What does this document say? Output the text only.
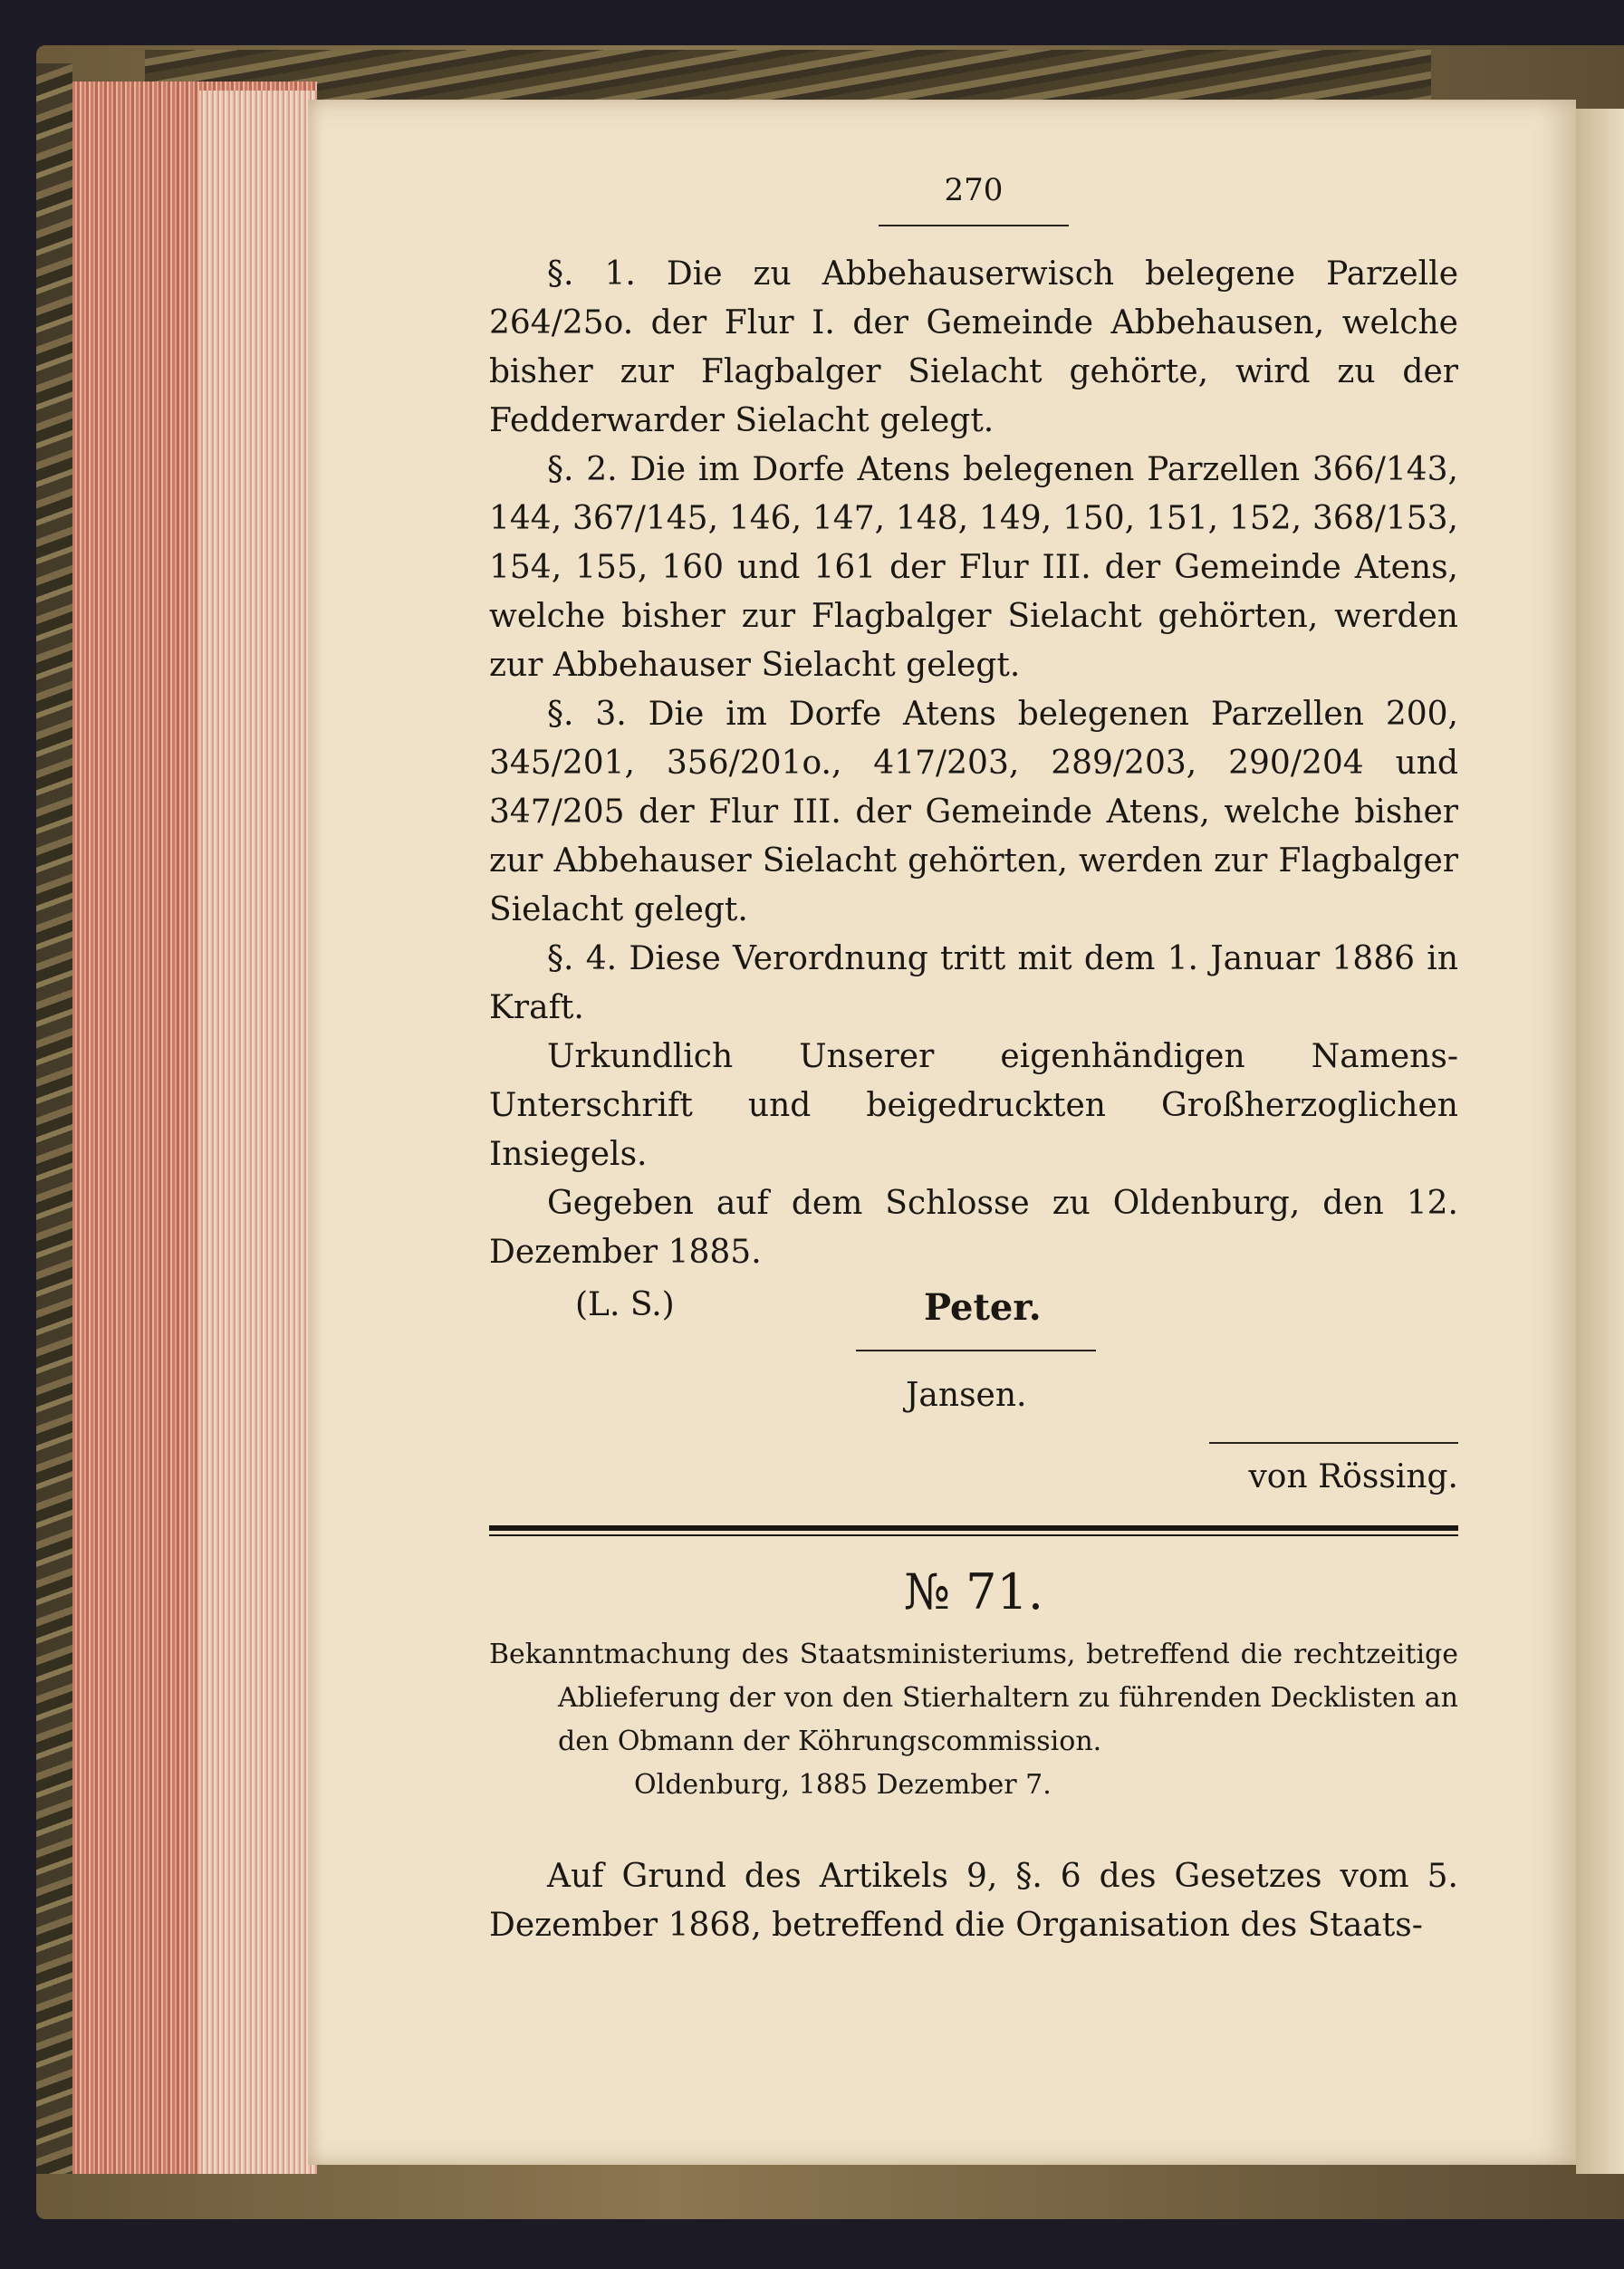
270

§. 1. Die zu Abbehauserwisch belegene Parzelle 264/25o. der Flur I. der Gemeinde Abbehausen, welche bisher zur Flagbalger Sielacht gehörte, wird zu der Fedderwarder Sielacht gelegt.

§. 2. Die im Dorfe Atens belegenen Parzellen 366/143, 144, 367/145, 146, 147, 148, 149, 150, 151, 152, 368/153, 154, 155, 160 und 161 der Flur III. der Gemeinde Atens, welche bisher zur Flagbalger Sielacht gehörten, werden zur Abbehauser Sielacht gelegt.

§. 3. Die im Dorfe Atens belegenen Parzellen 200, 345/201, 356/201o., 417/203, 289/203, 290/204 und 347/205 der Flur III. der Gemeinde Atens, welche bisher zur Abbehauser Sielacht gehörten, werden zur Flagbalger Sielacht gelegt.

§. 4. Diese Verordnung tritt mit dem 1. Januar 1886 in Kraft.

Urkundlich Unserer eigenhändigen Namens-Unterschrift und beigedruckten Großherzoglichen Insiegels.

Gegeben auf dem Schlosse zu Oldenburg, den 12. Dezember 1885.

(L. S.)	Peter.
Jansen.
von Rössing.
№ 71.

Bekanntmachung des Staatsministeriums, betreffend die rechtzeitige Ablieferung der von den Stierhaltern zu führenden Decklisten an den Obmann der Köhrungscommission.

Oldenburg, 1885 Dezember 7.

Auf Grund des Artikels 9, §. 6 des Gesetzes vom 5. Dezember 1868, betreffend die Organisation des Staats-
